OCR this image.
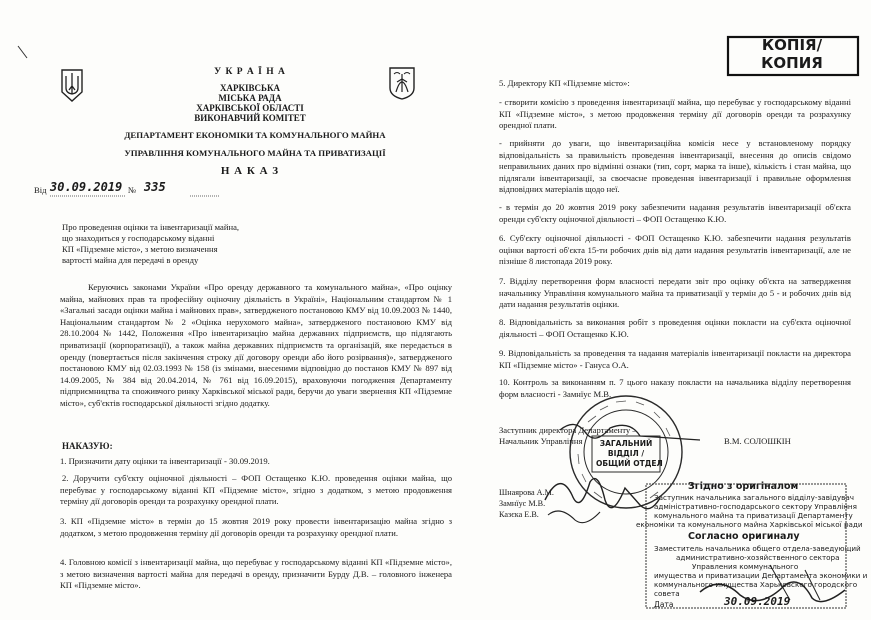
У К Р А Ї Н А
ХАРКІВСЬКА
МІСЬКА РАДА
ХАРКІВСЬКОЇ ОБЛАСТІ
ВИКОНАВЧИЙ КОМІТЕТ
ДЕПАРТАМЕНТ ЕКОНОМІКИ ТА КОМУНАЛЬНОГО МАЙНА
УПРАВЛІННЯ КОМУНАЛЬНОГО МАЙНА ТА ПРИВАТИЗАЦІЇ
Н А К А З
Від 30.09.2019 № 335
Про проведення оцінки та інвентаризації майна,
що знаходиться у господарському віданні
КП «Підземне місто», з метою визначення
вартості майна для передачі в оренду
Керуючись законами України «Про оренду державного та комунального майна», «Про оцінку майна, майнових прав та професійну оціночну діяльність в Україні», Національним стандартом № 1 «Загальні засади оцінки майна і майнових прав», затвердженого постановою КМУ від 10.09.2003 № 1440, Національним стандартом № 2 «Оцінка нерухомого майна», затвердженого постановою КМУ від 28.10.2004 № 1442, Положення «Про інвентаризацію майна державних підприємств, що підлягають приватизації (корпоратизації), а також майна державних підприємств та організацій, яке передається в оренду (повертається після закінчення строку дії договору оренди або його розірвання)», затвердженого постановою КМУ від 02.03.1993 № 158 (із змінами, внесеними відповідно до постанов КМУ № 897 від 14.09.2005, № 384 від 20.04.2014, № 761 від 16.09.2015), враховуючи погодження Департаменту підприємництва та споживчого ринку Харківської міської ради, беручи до уваги звернення КП «Підземне місто», суб'єктів господарської діяльності згідно додатку.
НАКАЗУЮ:
1. Призначити дату оцінки та інвентаризації - 30.09.2019.
2. Доручити суб'єкту оціночної діяльності – ФОП Остащенко К.Ю. проведення оцінки майна, що перебуває у господарському віданні КП «Підземне місто», згідно з додатком, з метою продовження терміну дії договорів оренди та розрахунку орендної плати.
3. КП «Підземне місто» в термін до 15 жовтня 2019 року провести інвентаризацію майна згідно з додатком, з метою продовження терміну дії договорів оренди та розрахунку орендної плати.
4. Головною комісії з інвентаризації майна, що перебуває у господарському віданні КП «Підземне місто», з метою визначення вартості майна для передачі в оренду, призначити Бурду Д.В. – головного інженера КП «Підземне місто».
КОПІЯ/
КОПИЯ
5. Директору КП «Підземне місто»:
- створити комісію з проведення інвентаризації майна, що перебуває у господарському віданні КП «Підземне місто», з метою продовження терміну дії договорів оренди та розрахунку орендної плати.
- прийняти до уваги, що інвентаризаційна комісія несе у встановленому порядку відповідальність за правильність проведення інвентаризації, внесення до описів свідомо неправильних даних про відмінні ознаки (тип, сорт, марка та інше), кількість і стан майна, що підлягали інвентаризації, за своєчасне проведення інвентаризації і правильне оформлення відповідних матеріалів щодо неї.
- в термін до 20 жовтня 2019 року забезпечити надання результатів інвентаризації об'єкта оренди суб'єкту оціночної діяльності – ФОП Остащенко К.Ю.
6. Суб'єкту оціночної діяльності - ФОП Остащенко К.Ю. забезпечити надання результатів оцінки вартості об'єкта 15-ти робочих днів від дати надання результатів інвентаризації, але не пізніше 8 листопада 2019 року.
7. Відділу перетворення форм власності передати звіт про оцінку об'єкта на затвердження начальнику Управління комунального майна та приватизації у термін до 5 - и робочих днів від дати надання результатів оцінки.
8. Відповідальність за виконання робіт з проведення оцінки покласти на суб'єкта оціночної діяльності – ФОП Остащенко К.Ю.
9. Відповідальність за проведення та надання матеріалів інвентаризації покласти на директора КП «Підземне місто» - Гануса О.А.
10. Контроль за виконанням п. 7 цього наказу покласти на начальника відділу перетворення форм власності - Замнїус М.В.
Заступник директора Департаменту –
Начальник Управління	В.М. СОЛОШКІН
ЗАГАЛЬНИЙ
ВІДДІЛ /
ОБЩИЙ ОТДЕЛ
Шнаярова А.М.
Замнїус М.В.
Казєка Е.В.
Згідно з оригіналом
Заступник начальника загального відділу-завідувач
адміністративно-господарського сектору Управління
комунального майна та приватизації Департаменту
економіки та комунального майна Харківської міської ради
Согласно оригиналу
Заместитель начальника общего отдела-заведующий
административно-хозяйственного сектора
Управления коммунального
имущества и приватизации Департамента экономики и
коммунального имущества Харьковского городского
совета
Дата	30.09.2019
